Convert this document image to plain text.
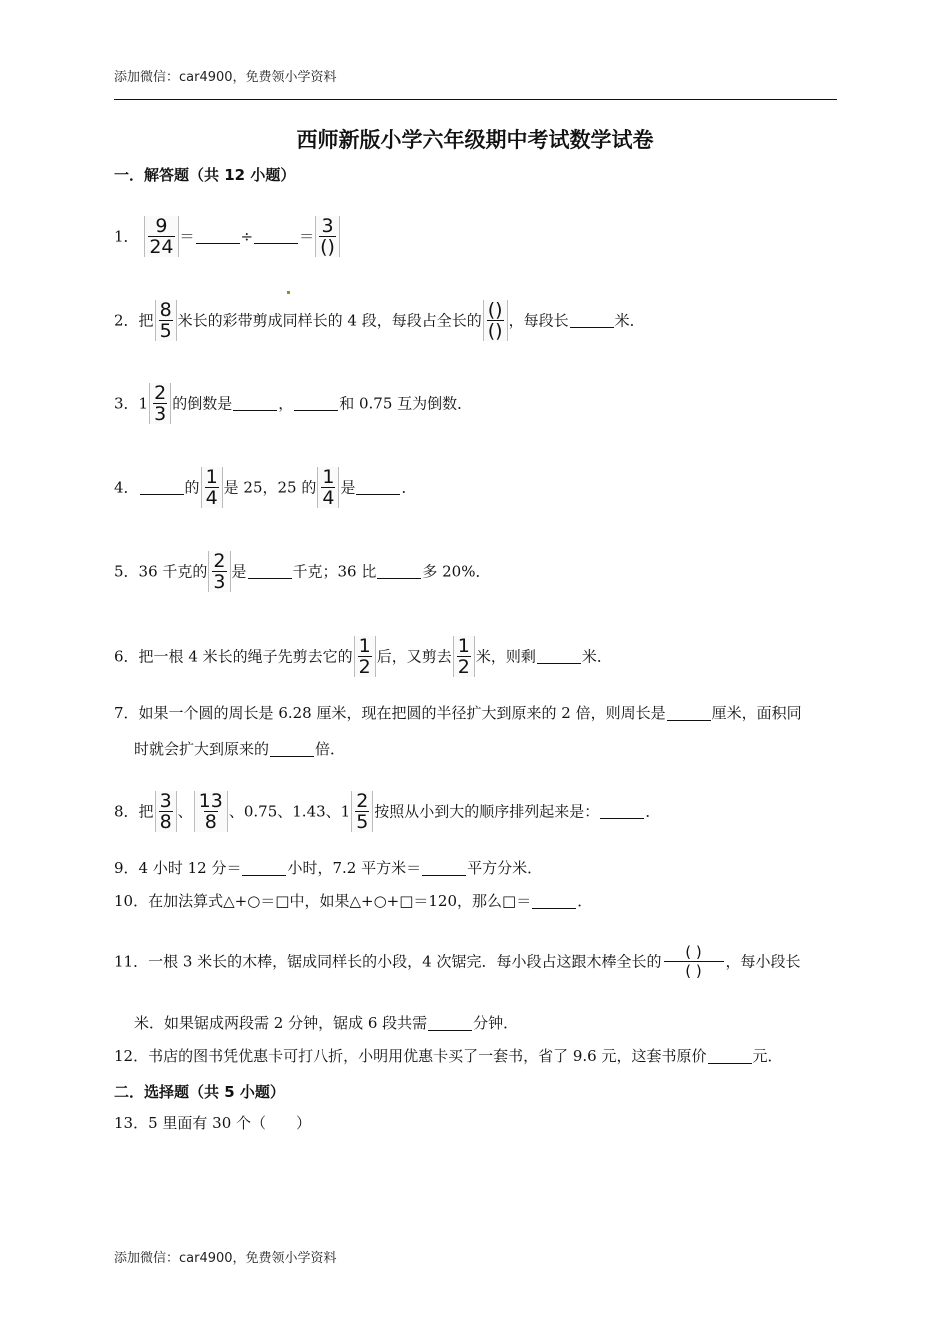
添加微信：car4900，免费领小学资料
西师新版小学六年级期中考试数学试卷
一．解答题（共 12 小题）
1． $\frac{9}{24}$ ＝	÷	＝ $\frac{3}{()}$
2．把 $\frac{8}{5}$ 米长的彩带剪成同样长的 4 段，每段占全长的 $\frac{()}{()}$ ，每段长	米．
3．$1 \frac{2}{3}$ 的倒数是	，	和 0.75 互为倒数．
4．	的 $\frac{1}{4}$ 是 25，25 的 $\frac{1}{4}$ 是	．
5．36 千克的 $\frac{2}{3}$ 是	千克；36 比	多 20%．
6．把一根 4 米长的绳子先剪去它的 $\frac{1}{2}$ 后，又剪去 $\frac{1}{2}$ 米，则剩	米．
7．如果一个圆的周长是 6.28 厘米，现在把圆的半径扩大到原来的 2 倍，则周长是	厘米，面积同
时就会扩大到原来的	倍．
8．把 $\frac{3}{8}$ 、 $\frac{13}{8}$ 、0.75、1.43、$1 \frac{2}{5}$ 按照从小到大的顺序排列起来是：	．
9．4 小时 12 分＝	小时，7.2 平方米＝	平方分米．
10．在加法算式△+○＝□中，如果△+○+□＝120，那么□＝	．
11．一根 3 米长的木棒，锯成同样长的小段，4 次锯完．每小段占这跟木棒全长的 $\frac{( )}{( )}$ ，每小段长
米．如果锯成两段需 2 分钟，锯成 6 段共需	分钟．
12．书店的图书凭优惠卡可打八折，小明用优惠卡买了一套书，省了 9.6 元，这套书原价	元．
二．选择题（共 5 小题）
13．5 里面有 30 个（　　）
添加微信：car4900，免费领小学资料
